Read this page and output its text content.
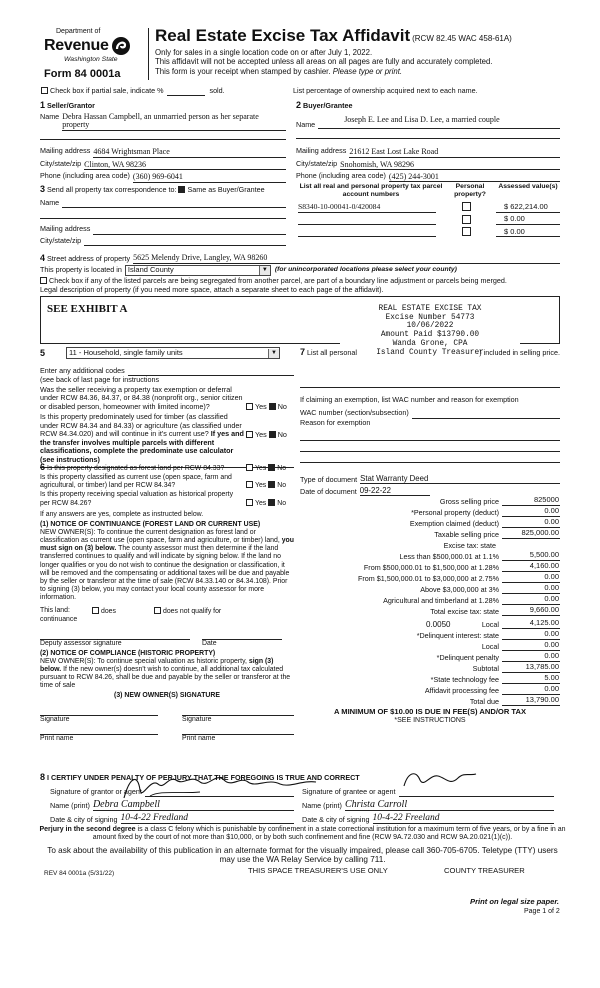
Department of
Revenue
Washington State
Form 84 0001a
Real Estate Excise Tax Affidavit (RCW 82.45 WAC 458-61A)
Only for sales in a single location code on or after July 1, 2022.
This affidavit will not be accepted unless all areas on all pages are fully and accurately completed.
This form is your receipt when stamped by cashier. Please type or print.
Check box if partial sale, indicate %	sold.	List percentage of ownership acquired next to each name.
1 Seller/Grantor
Name Debra Hassan Campbell, an unmarried person as her separate property
Mailing address 4684 Wrightsman Place
City/state/zip Clinton, WA 98236
Phone (including area code) (360) 969-6041
2 Buyer/Grantee
Name
Joseph E. Lee and Lisa D. Lee, a married couple
Mailing address 21612 East Lost Lake Road
City/state/zip Snohomish, WA 98296
Phone (including area code) (425) 244-3001
3 Send all property tax correspondence to: Same as Buyer/Grantee
Name

Mailing address

City/state/zip

List all real and personal property tax parcel account numbers
Personal property?
Assessed value(s)
S8340-10-00041-0/420084	$ 622,214.00

$ 0.00

$ 0.00
4
Street address of property 5625 Melendy Drive, Langley, WA 98260
This property is located in Island County	▼ (for unincorporated locations please select your county)
Check box if any of the listed parcels are being segregated from another parcel, are part of a boundary line adjustment or parcels being merged.
Legal description of property (if you need more space, attach a separate sheet to each page of the affidavit).
SEE EXHIBIT A	REAL ESTATE EXCISE TAX
Excise Number 54773
10/06/2022
Amount Paid $13790.00
Wanda Grone, CPA
Island County Treasurer
5	11 - Household, single family units	▼
Enter any additional codes

(see back of last page for instructions
Was the seller receiving a property tax exemption or deferral under RCW 84.36, 84.37, or 84.38 (nonprofit org., senior citizen or disabled person, homeowner with limited income)?	Yes No
Is this property predominately used for timber (as classified under RCW 84.34 and 84.33) or agriculture (as classified under RCW 84.34.020) and will continue in it's current use? If yes and the transfer involves multiple parcels with different classifications, complete the predominate use calculator (see instructions)
Yes No
7
List all personal	) included in selling price.
If claiming an exemption, list WAC number and reason for exemption
WAC number (section/subsection)

Reason for exemption
Type of document Stat Warranty Deed
Date of document 09-22-22
6 Is this property designated as forest land per RCW 84.33?	Yes No
Is this property classified as current use (open space, farm and agricultural, or timber) land per RCW 84.34?	Yes No
Is this property receiving special valuation as historical property per RCW 84.26?	Yes No
If any answers are yes, complete as instructed below.
(1) NOTICE OF CONTINUANCE (FOREST LAND OR CURRENT USE)
NEW OWNER(S): To continue the current designation as forest land or classification as current use (open space, farm and agriculture, or timber) land, you must sign on (3) below. The county assessor must then determine if the land transferred continues to qualify and will indicate by signing below. If the land no longer qualifies or you do not wish to continue the designation or classification, it will be removed and the compensating or additional taxes will be due and payable by the seller or transferor at the time of sale (RCW 84.33.140 or 84.34.108). Prior to signing (3) below, you may contact your local county assessor for more information.
This land:	does	does not qualify for
continuance
Deputy assessor signature	Date
(2) NOTICE OF COMPLIANCE (HISTORIC PROPERTY)
NEW OWNER(S): To continue special valuation as historic property, sign (3) below. If the new owner(s) doesn't wish to continue, all additional tax calculated pursuant to RCW 84.26, shall be due and payable by the seller or transferor at the time of sale
(3) NEW OWNER(S) SIGNATURE
Signature	Signature
Print name	Print name
Gross selling price	825000
*Personal property (deduct)	0.00
Exemption claimed (deduct)	0.00
Taxable selling price	825,000.00
Excise tax: state
Less than $500,000.01 at 1.1%	5,500.00
From $500,000.01 to $1,500,000 at 1.28%	4,160.00
From $1,500,000.01 to $3,000,000 at 2.75%	0.00
Above $3,000,000 at 3%	0.00
Agricultural and timberland at 1.28%	0.00
Total excise tax: state	9,660.00
0.0050	Local	4,125.00
*Delinquent interest: state	0.00
Local	0.00
*Delinquent penalty	0.00
Subtotal	13,785.00
*State technology fee	5.00
Affidavit processing fee	0.00
Total due	13,790.00
A MINIMUM OF $10.00 IS DUE IN FEE(S) AND/OR TAX
*SEE INSTRUCTIONS
8 I CERTIFY UNDER PENALTY OF PERJURY THAT THE FOREGOING IS TRUE AND CORRECT
Signature of grantor or agent
Name (print) Debra Campbell
Date & city of signing 10-4-22 Fredland
Signature of grantee or agent
Name (print) Christa Carroll
Date & city of signing 10-4-22 Freeland
Perjury in the second degree is a class C felony which is punishable by confinement in a state correctional institution for a maximum term of five years, or by a fine in an amount fixed by the court of not more than $10,000, or by both such confinement and fine (RCW 9A.72.030 and RCW 9A.20.021(1)(c)).
To ask about the availability of this publication in an alternate format for the visually impaired, please call 360-705-6705. Teletype (TTY) users may use the WA Relay Service by calling 711.
REV 84 0001a (5/31/22)	THIS SPACE TREASURER'S USE ONLY	COUNTY TREASURER
Print on legal size paper.
Page 1 of 2
